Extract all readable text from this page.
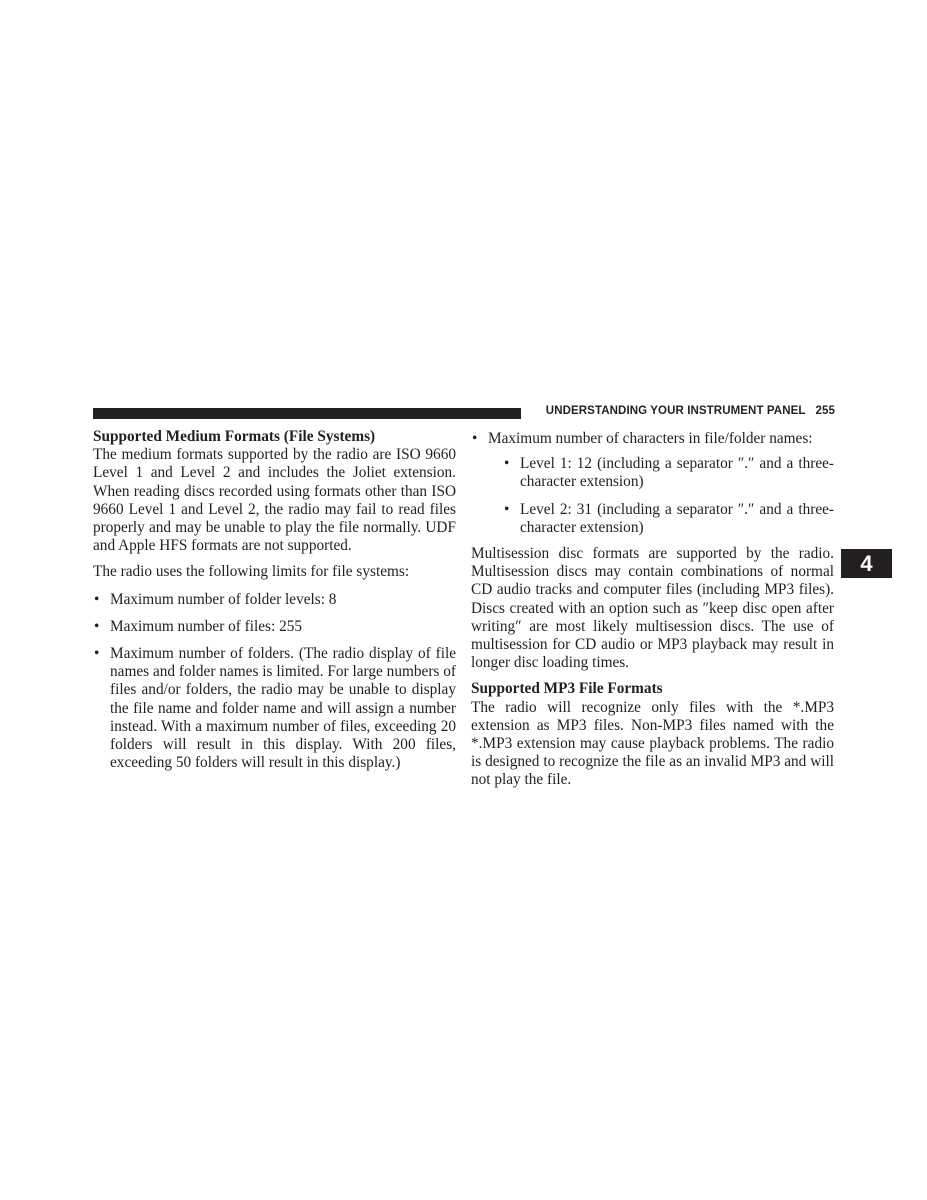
UNDERSTANDING YOUR INSTRUMENT PANEL 255
4

Supported Medium Formats (File Systems)

The medium formats supported by the radio are ISO 9660 Level 1 and Level 2 and includes the Joliet extension. When reading discs recorded using formats other than ISO 9660 Level 1 and Level 2, the radio may fail to read files properly and may be unable to play the file normally. UDF and Apple HFS formats are not supported.

The radio uses the following limits for file systems:

• Maximum number of folder levels: 8
• Maximum number of files: 255
• Maximum number of folders. (The radio display of file names and folder names is limited. For large numbers of files and/or folders, the radio may be unable to display the file name and folder name and will assign a number instead. With a maximum number of files, exceeding 20 folders will result in this display. With 200 files, exceeding 50 folders will result in this display.)
• Maximum number of characters in file/folder names:
• Level 1: 12 (including a separator ″.″ and a three-character extension)
• Level 2: 31 (including a separator ″.″ and a three-character extension)

Multisession disc formats are supported by the radio. Multisession discs may contain combinations of normal CD audio tracks and computer files (including MP3 files). Discs created with an option such as ″keep disc open after writing″ are most likely multisession discs. The use of multisession for CD audio or MP3 playback may result in longer disc loading times.

Supported MP3 File Formats

The radio will recognize only files with the *.MP3 extension as MP3 files. Non-MP3 files named with the *.MP3 extension may cause playback problems. The radio is designed to recognize the file as an invalid MP3 and will not play the file.
